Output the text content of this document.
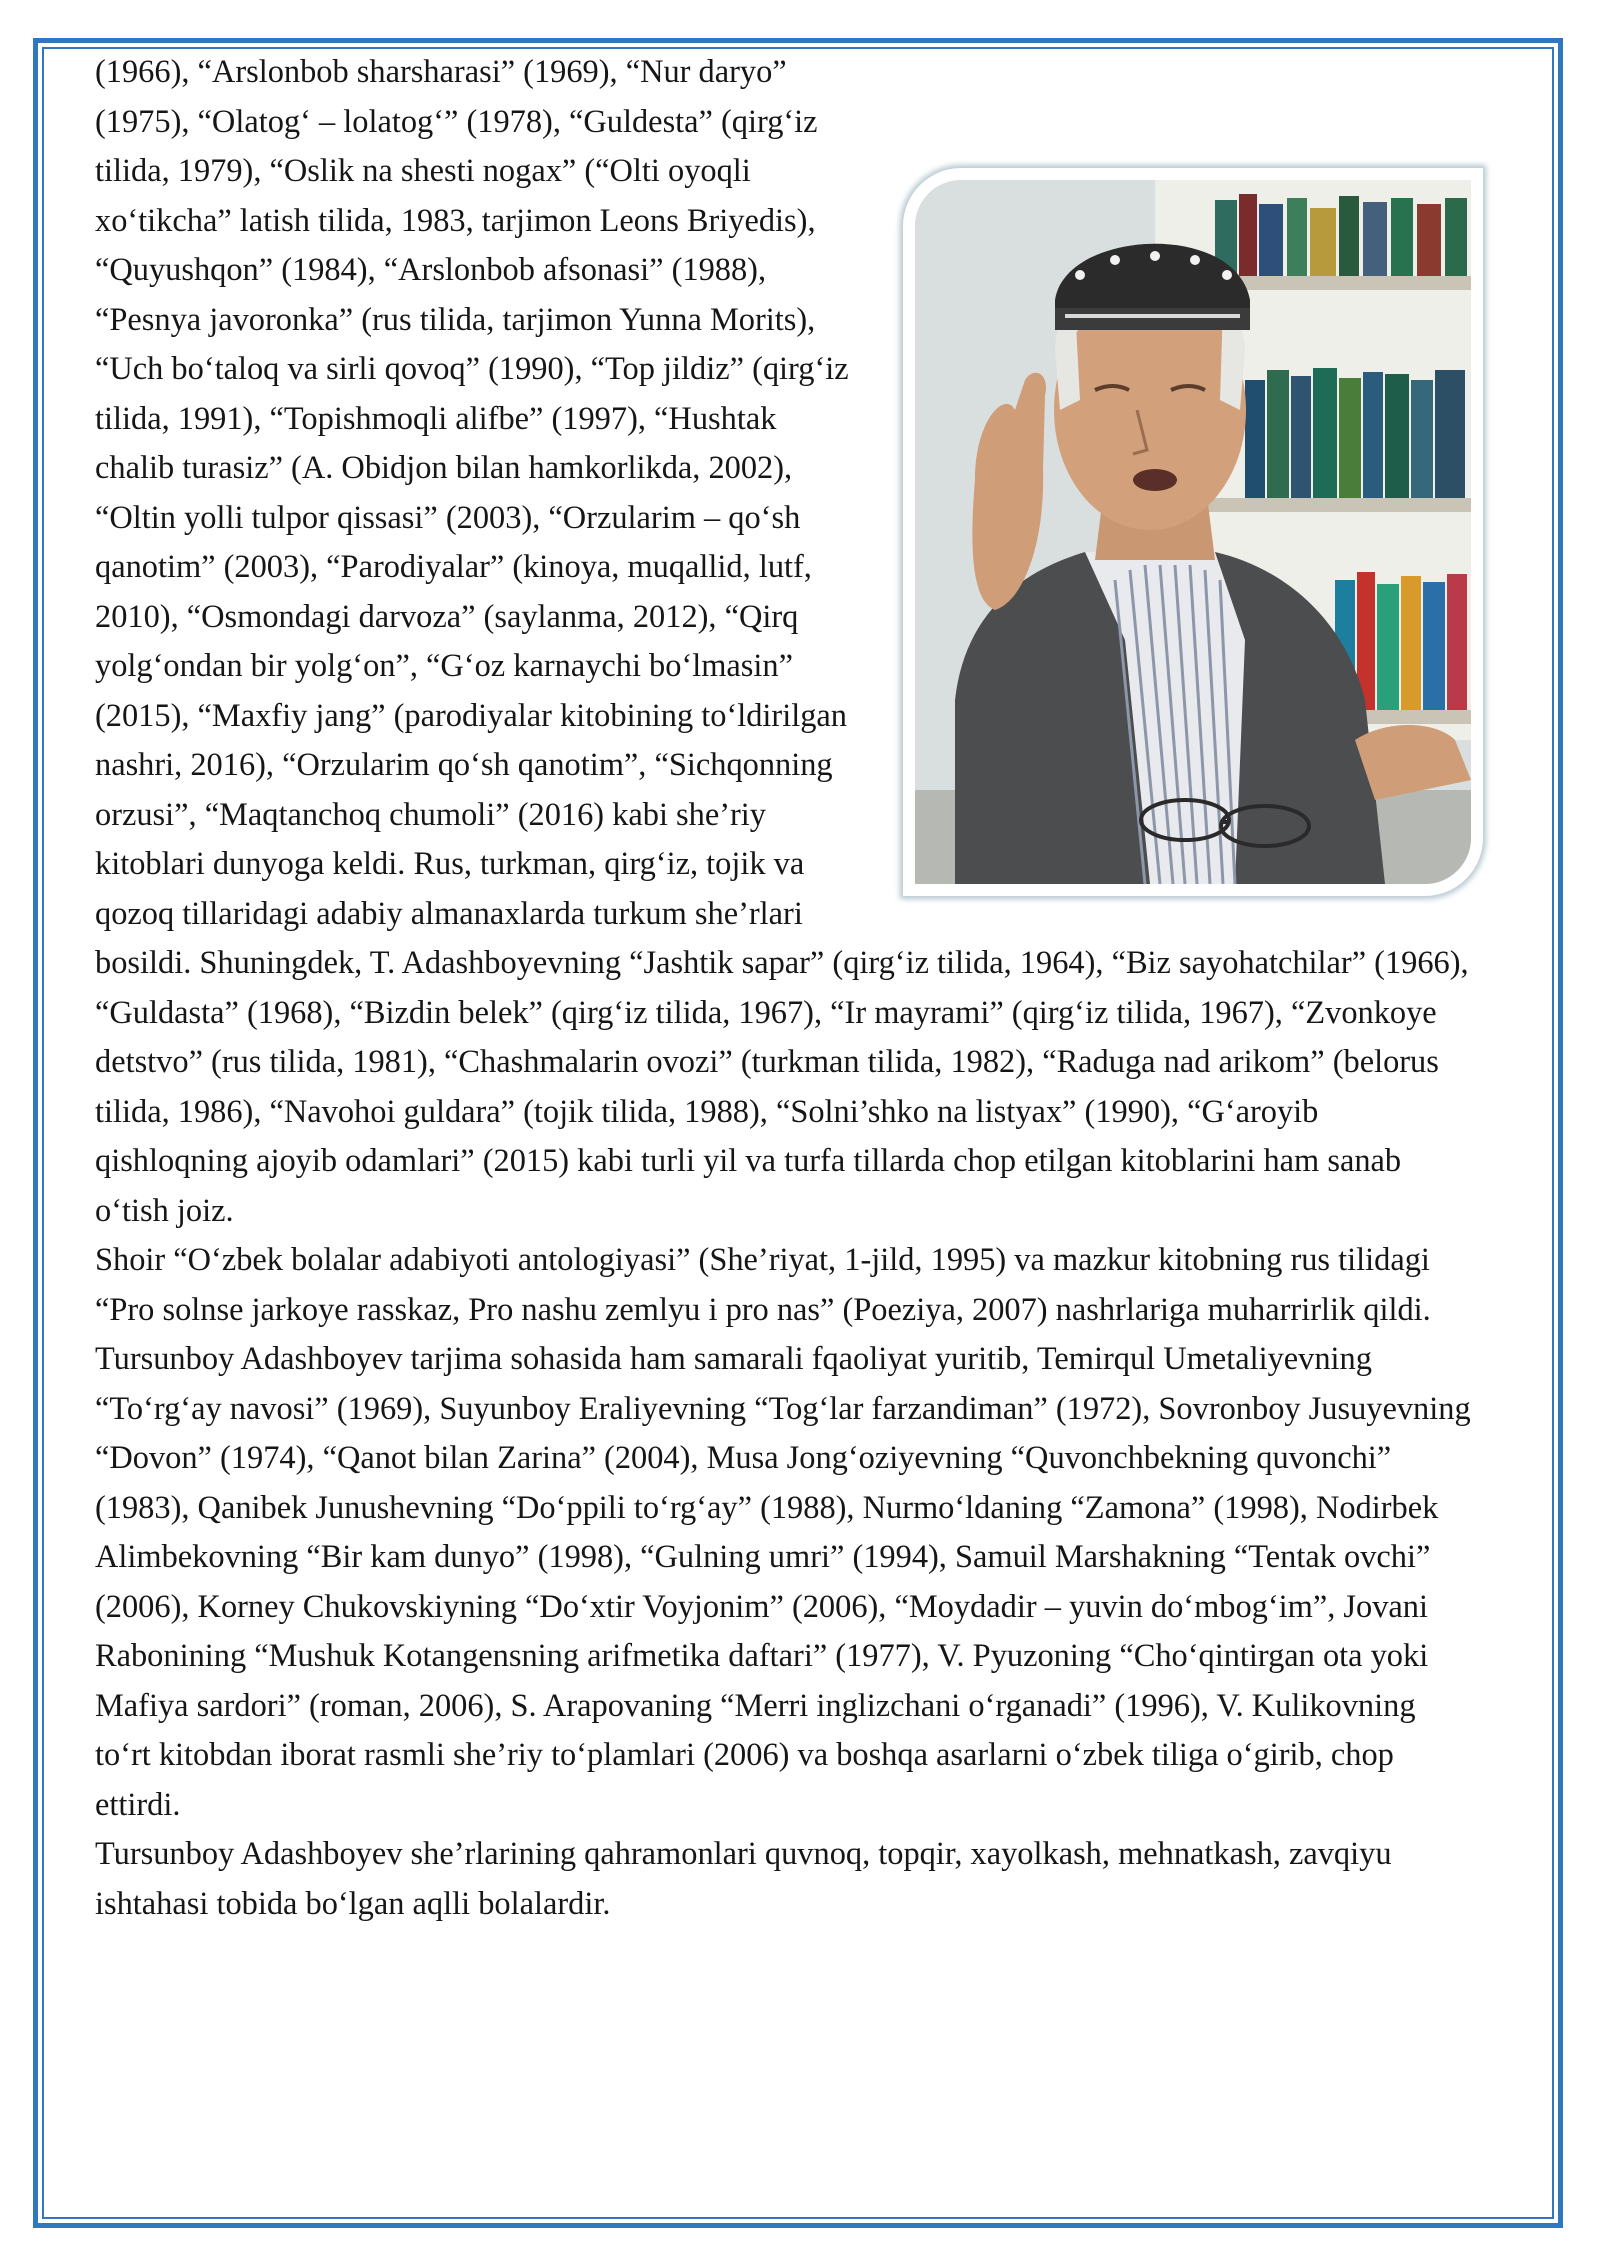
(1966), “Arslonbob sharsharasi” (1969), “Nur daryo” (1975), “Olatog‘ – lolatog‘” (1978), “Guldesta” (qirg‘iz tilida, 1979), “Oslik na shesti nogax” (“Olti oyoqli xo‘tikcha” latish tilida, 1983, tarjimon Leons Briyedis), “Quyushqon” (1984), “Arslonbob afsonasi” (1988), “Pesnya javoronka” (rus tilida, tarjimon Yunna Morits), “Uch bo‘taloq va sirli qovoq” (1990), “Top jildiz” (qirg‘iz tilida, 1991), “Topishmoqli alifbe” (1997), “Hushtak chalib turasiz” (A. Obidjon bilan hamkorlikda, 2002), “Oltin yolli tulpor qissasi” (2003), “Orzularim – qo‘sh qanotim” (2003), “Parodiyalar” (kinoya, muqallid, lutf, 2010), “Osmondagi darvoza” (saylanma, 2012), “Qirq yolg‘ondan bir yolg‘on”, “G‘oz karnaychi bo‘lmasin” (2015), “Maxfiy jang” (parodiyalar kitobining to‘ldirilgan nashri, 2016), “Orzularim qo‘sh qanotim”, “Sichqonning orzusi”, “Maqtanchoq chumoli” (2016) kabi she’riy kitoblari dunyoga keldi. Rus, turkman, qirg‘iz, tojik va qozoq tillaridagi adabiy almanaxlarda turkum she’rlari bosildi. Shuningdek, T. Adashboyevning “Jashtik sapar” (qirg‘iz tilida, 1964), “Biz sayohatchilar” (1966), “Guldasta” (1968), “Bizdin belek” (qirg‘iz tilida, 1967), “Ir mayrami” (qirg‘iz tilida, 1967), “Zvonkoye detstvo” (rus tilida, 1981), “Chashmalarin ovozi” (turkman tilida, 1982), “Raduga nad arikom” (belorus tilida, 1986), “Navohoi guldara” (tojik tilida, 1988), “Solni’shko na listyax” (1990), “G‘aroyib qishloqning ajoyib odamlari” (2015) kabi turli yil va turfa tillarda chop etilgan kitoblarini ham sanab o‘tish joiz.

Shoir “O‘zbek bolalar adabiyoti antologiyasi” (She’riyat, 1-jild, 1995) va mazkur kitobning rus tilidagi “Pro solnse jarkoye rasskaz, Pro nashu zemlyu i pro nas” (Poeziya, 2007) nashrlariga muharrirlik qildi.

Tursunboy Adashboyev tarjima sohasida ham samarali fqaoliyat yuritib, Temirqul Umetaliyevning “To‘rg‘ay navosi” (1969), Suyunboy Eraliyevning “Tog‘lar farzandiman” (1972), Sovronboy Jusuyevning “Dovon” (1974), “Qanot bilan Zarina” (2004), Musa Jong‘oziyevning “Quvonchbekning quvonchi” (1983), Qanibek Junushevning “Do‘ppili to‘rg‘ay” (1988), Nurmo‘ldaning “Zamona” (1998), Nodirbek Alimbekovning “Bir kam dunyo” (1998), “Gulning umri” (1994), Samuil Marshakning “Tentak ovchi” (2006), Korney Chukovskiyning “Do‘xtir Voyjonim” (2006), “Moydadir – yuvin do‘mbog‘im”, Jovani Rabonining “Mushuk Kotangensning arifmetika daftari” (1977), V. Pyuzoning “Cho‘qintirgan ota yoki Mafiya sardori” (roman, 2006), S. Arapovaning “Merri inglizchani o‘rganadi” (1996), V. Kulikovning to‘rt kitobdan iborat rasmli she’riy to‘plamlari (2006) va boshqa asarlarni o‘zbek tiliga o‘girib, chop ettirdi.

Tursunboy Adashboyev she’rlarining qahramonlari quvnoq, topqir, xayolkash, mehnatkash, zavqiyu ishtahasi tobida bo‘lgan aqlli bolalardir.
